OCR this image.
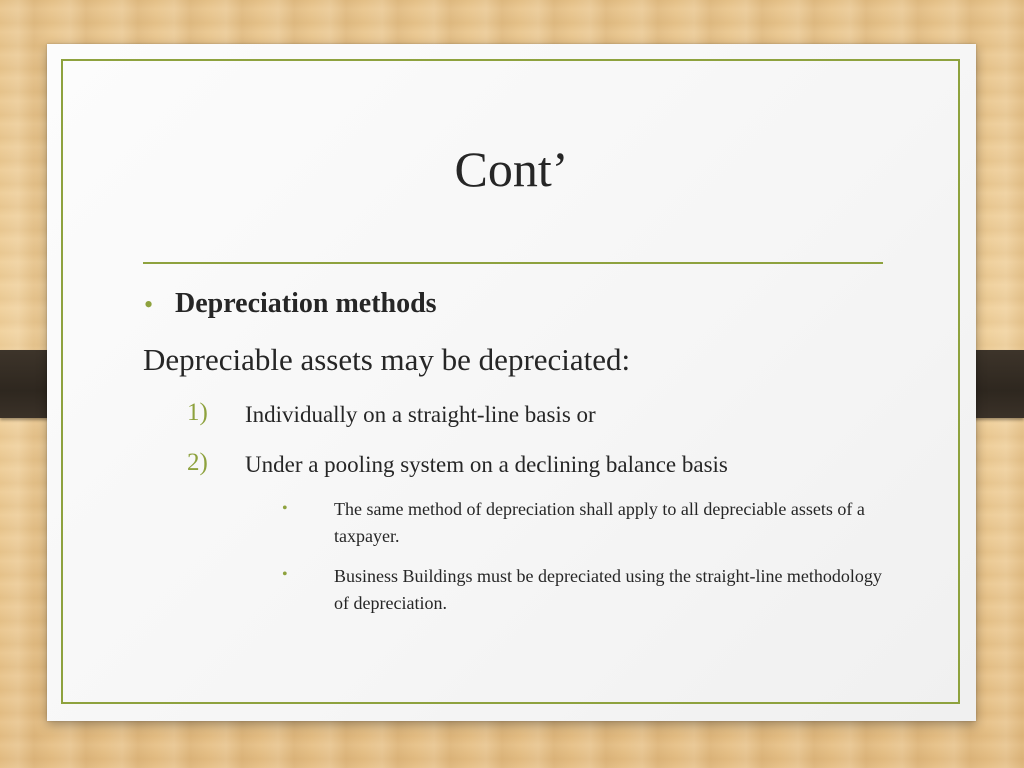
Cont’
• Depreciation methods
Depreciable assets may be depreciated:
1) Individually on a straight-line basis or
2) Under a pooling system on a declining balance basis
•	The same method of depreciation shall apply to all depreciable assets of a taxpayer.
•	Business Buildings must be depreciated using the straight-line methodology of depreciation.
